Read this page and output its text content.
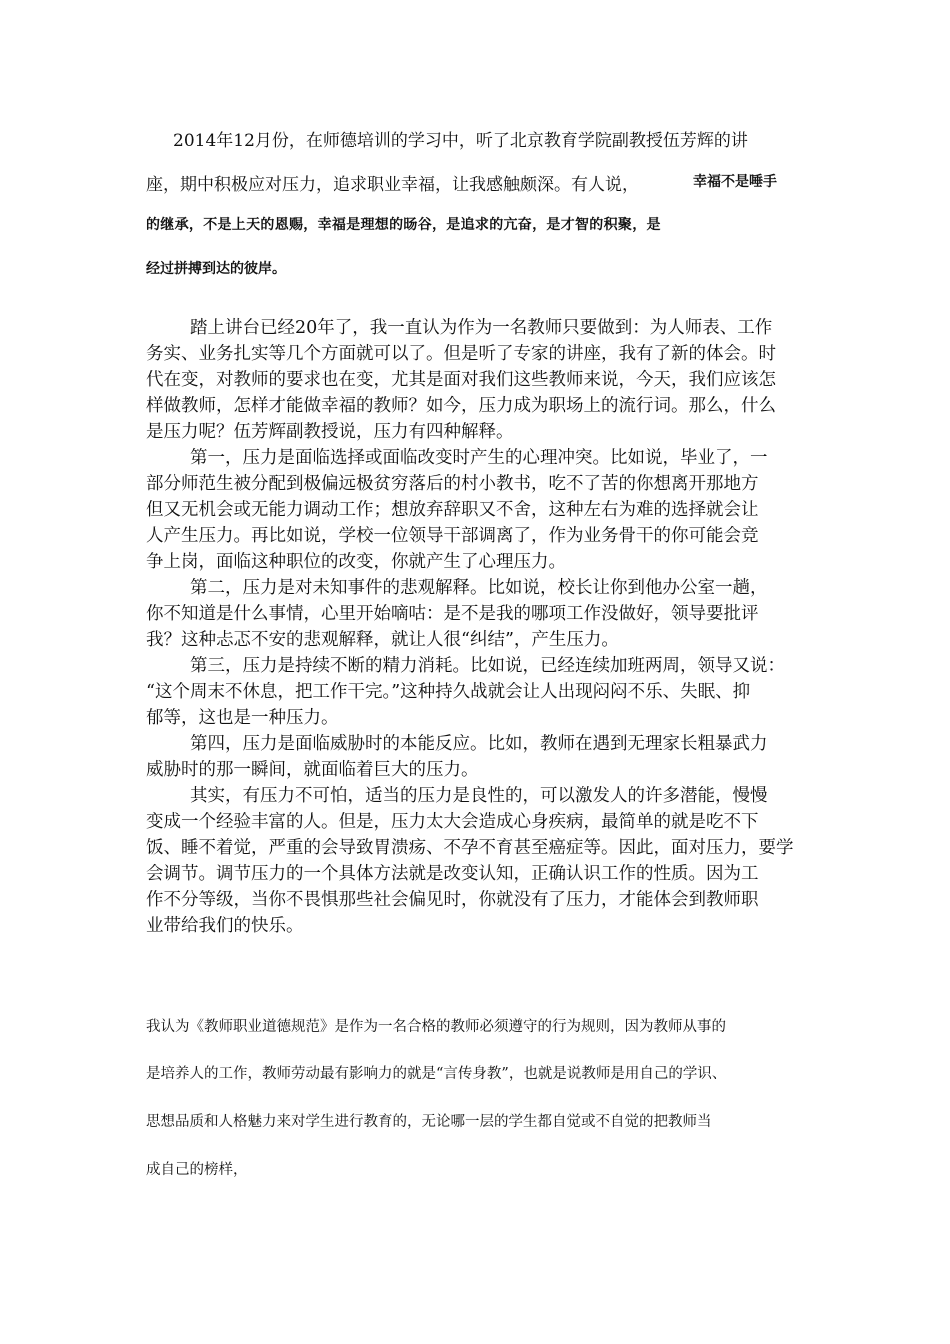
2014年12月份，在师德培训的学习中，听了北京教育学院副教授伍芳辉的讲
座，期中积极应对压力，追求职业幸福，让我感触颇深。有人说，	幸福不是唾手
的继承，不是上天的恩赐，幸福是理想的旸谷，是追求的亢奋，是才智的积聚，是
经过拼搏到达的彼岸。
踏上讲台已经20年了，我一直认为作为一名教师只要做到：为人师表、工作
务实、业务扎实等几个方面就可以了。但是听了专家的讲座，我有了新的体会。时
代在变，对教师的要求也在变，尤其是面对我们这些教师来说，今天，我们应该怎
样做教师，怎样才能做幸福的教师？如今，压力成为职场上的流行词。那么，什么
是压力呢？伍芳辉副教授说，压力有四种解释。
第一，压力是面临选择或面临改变时产生的心理冲突。比如说，毕业了，一
部分师范生被分配到极偏远极贫穷落后的村小教书，吃不了苦的你想离开那地方
但又无机会或无能力调动工作；想放弃辞职又不舍，这种左右为难的选择就会让
人产生压力。再比如说，学校一位领导干部调离了，作为业务骨干的你可能会竞
争上岗，面临这种职位的改变，你就产生了心理压力。
第二，压力是对未知事件的悲观解释。比如说，校长让你到他办公室一趟，
你不知道是什么事情，心里开始嘀咕：是不是我的哪项工作没做好，领导要批评
我？这种忐忑不安的悲观解释，就让人很“纠结”，产生压力。
第三，压力是持续不断的精力消耗。比如说，已经连续加班两周，领导又说：
“这个周末不休息，把工作干完。”这种持久战就会让人出现闷闷不乐、失眠、抑
郁等，这也是一种压力。
第四，压力是面临威胁时的本能反应。比如，教师在遇到无理家长粗暴武力
威胁时的那一瞬间，就面临着巨大的压力。
其实，有压力不可怕，适当的压力是良性的，可以激发人的许多潜能，慢慢
变成一个经验丰富的人。但是，压力太大会造成心身疾病，最简单的就是吃不下
饭、睡不着觉，严重的会导致胃溃疡、不孕不育甚至癌症等。因此，面对压力，要学
会调节。调节压力的一个具体方法就是改变认知，正确认识工作的性质。因为工
作不分等级，当你不畏惧那些社会偏见时，你就没有了压力，才能体会到教师职
业带给我们的快乐。
我认为《教师职业道德规范》是作为一名合格的教师必须遵守的行为规则，因为教师从事的
是培养人的工作，教师劳动最有影响力的就是“言传身教”，也就是说教师是用自己的学识、
思想品质和人格魅力来对学生进行教育的，无论哪一层的学生都自觉或不自觉的把教师当
成自己的榜样，
